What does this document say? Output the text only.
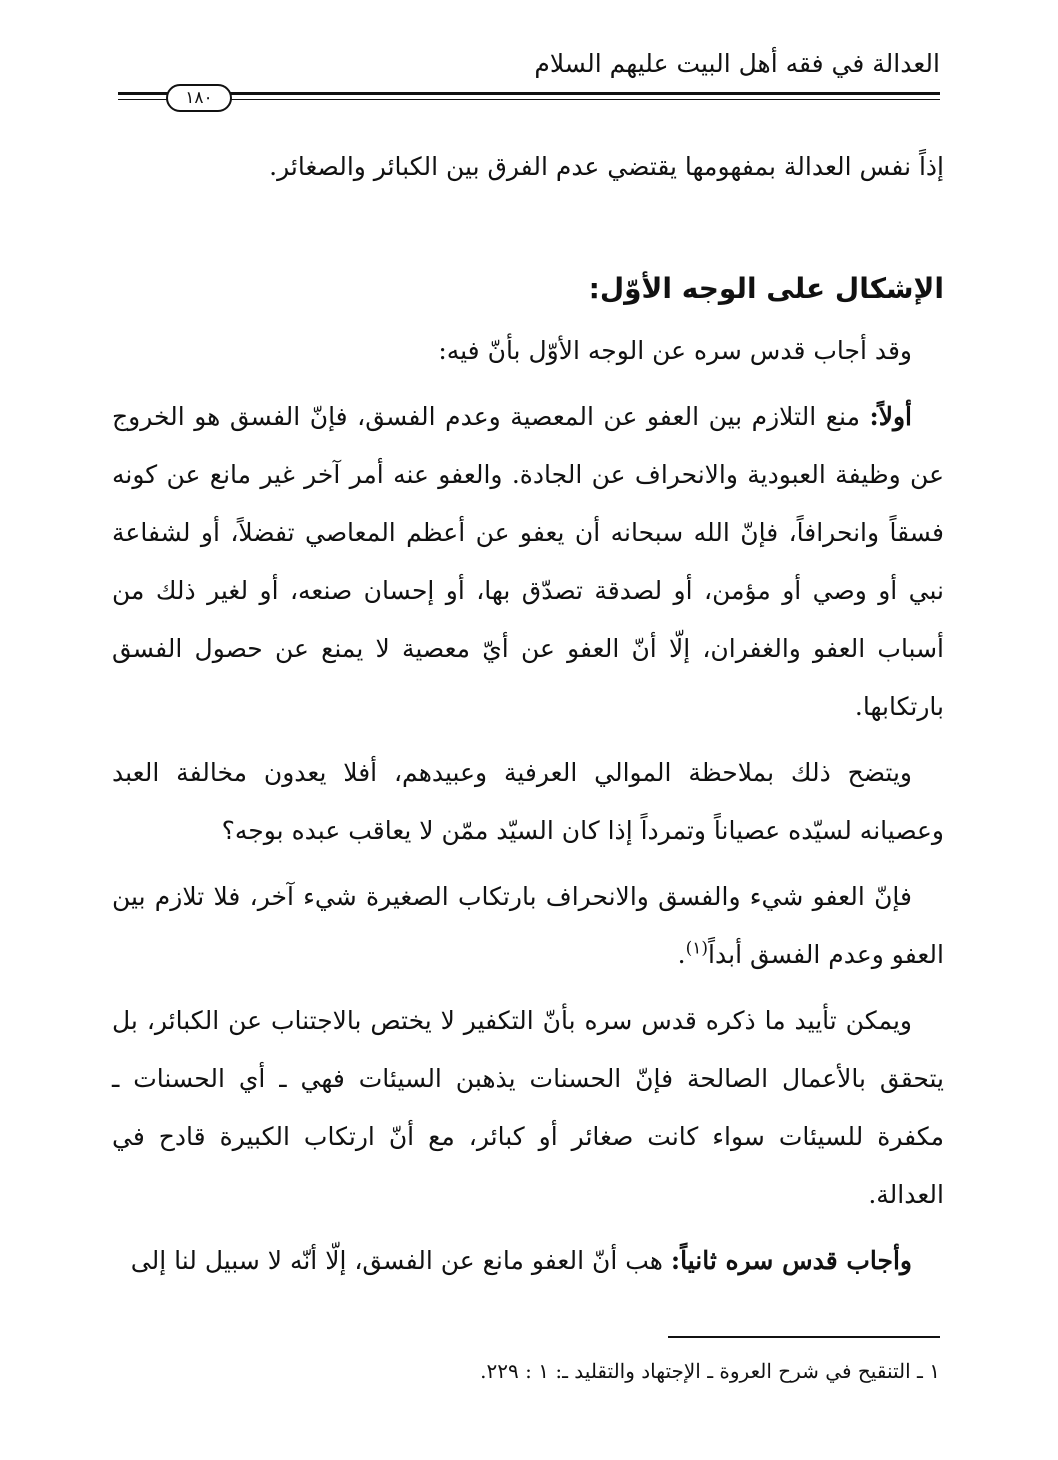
العدالة في فقه أهل البيت عليهم السلام
١٨٠

إذاً نفس العدالة بمفهومها يقتضي عدم الفرق بين الكبائر والصغائر.

الإشكال على الوجه الأوّل:

وقد أجاب قدس سره عن الوجه الأوّل بأنّ فيه:

أولاً: منع التلازم بين العفو عن المعصية وعدم الفسق، فإنّ الفسق هو الخروج عن وظيفة العبودية والانحراف عن الجادة. والعفو عنه أمر آخر غير مانع عن كونه فسقاً وانحرافاً، فإنّ الله سبحانه أن يعفو عن أعظم المعاصي تفضلاً، أو لشفاعة نبي أو وصي أو مؤمن، أو لصدقة تصدّق بها، أو إحسان صنعه، أو لغير ذلك من أسباب العفو والغفران، إلّا أنّ العفو عن أيّ معصية لا يمنع عن حصول الفسق بارتكابها.

ويتضح ذلك بملاحظة الموالي العرفية وعبيدهم، أفلا يعدون مخالفة العبد وعصيانه لسيّده عصياناً وتمرداً إذا كان السيّد ممّن لا يعاقب عبده بوجه؟

فإنّ العفو شيء والفسق والانحراف بارتكاب الصغيرة شيء آخر، فلا تلازم بين العفو وعدم الفسق أبداً$^{(١)}$.

ويمكن تأييد ما ذكره قدس سره بأنّ التكفير لا يختص بالاجتناب عن الكبائر، بل يتحقق بالأعمال الصالحة فإنّ الحسنات يذهبن السيئات فهي ـ أي الحسنات ـ مكفرة للسيئات سواء كانت صغائر أو كبائر، مع أنّ ارتكاب الكبيرة قادح في العدالة.

وأجاب قدس سره ثانياً: هب أنّ العفو مانع عن الفسق، إلّا أنّه لا سبيل لنا إلى

١ ـ التنقيح في شرح العروة ـ الإجتهاد والتقليد ـ: ١ : ٢٢٩.
